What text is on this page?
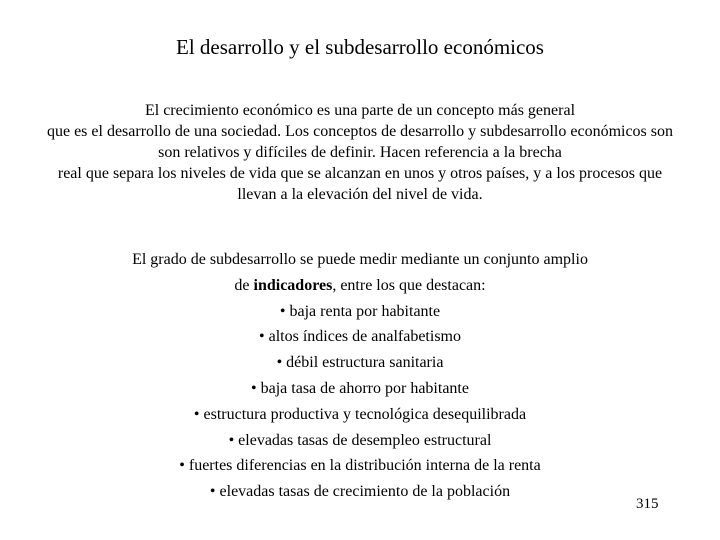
El desarrollo y el subdesarrollo económicos
El crecimiento económico es una parte de un concepto más general
que es el desarrollo de una sociedad. Los conceptos de desarrollo y subdesarrollo económicos son
son relativos y difíciles de definir. Hacen referencia a la brecha
real que separa los niveles de vida que se alcanzan en unos y otros países, y a los procesos que
llevan a la elevación del nivel de vida.
El grado de subdesarrollo se puede medir mediante un conjunto amplio
de indicadores, entre los que destacan:
• baja renta por habitante
• altos índices de analfabetismo
• débil estructura sanitaria
• baja tasa de ahorro por habitante
• estructura productiva y tecnológica desequilibrada
• elevadas tasas de desempleo estructural
• fuertes diferencias en la distribución interna de la renta
• elevadas tasas de crecimiento de la población
315
